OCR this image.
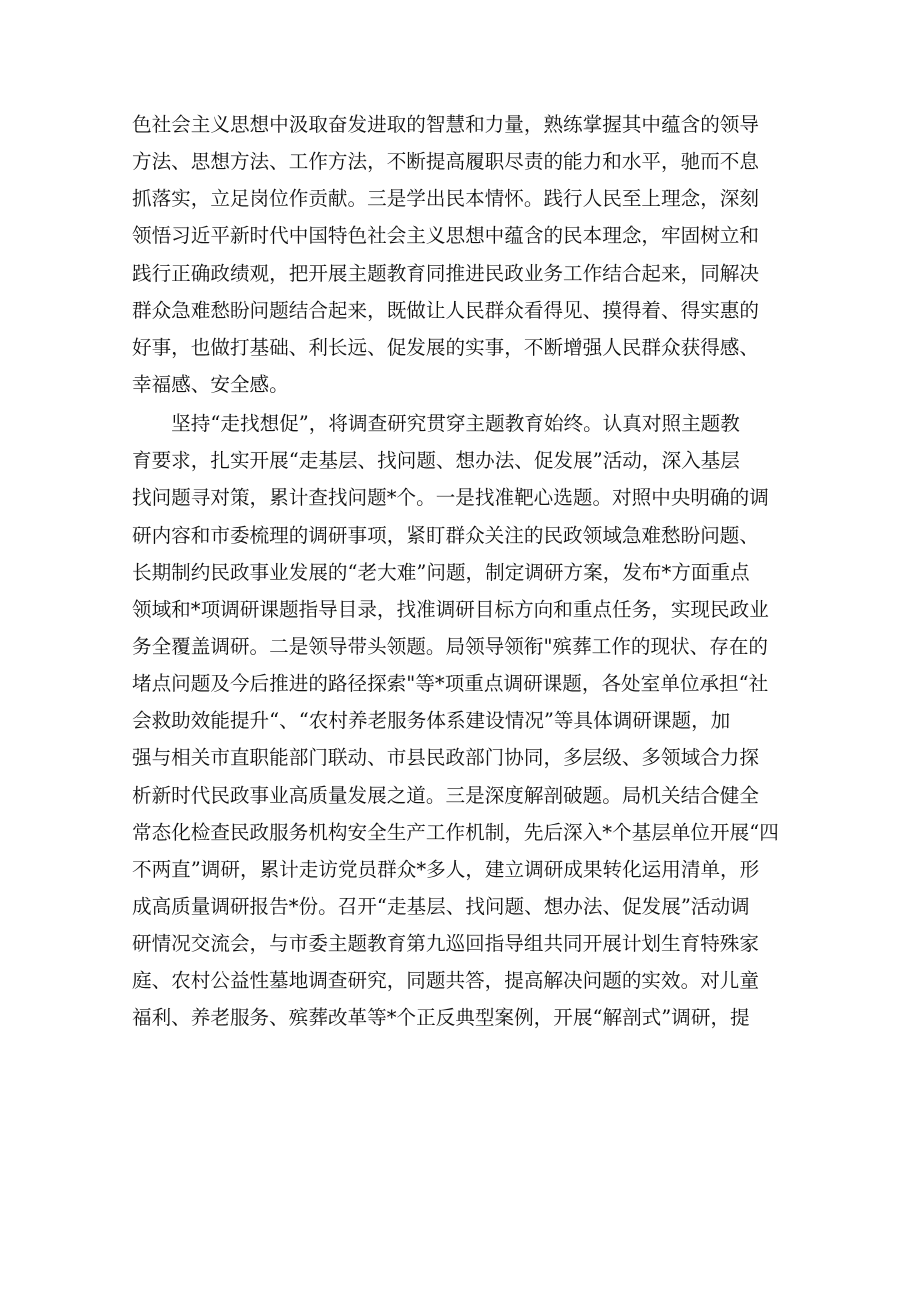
色社会主义思想中汲取奋发进取的智慧和力量，熟练掌握其中蕴含的领导
方法、思想方法、工作方法，不断提高履职尽责的能力和水平，驰而不息
抓落实，立足岗位作贡献。三是学出民本情怀。践行人民至上理念，深刻
领悟习近平新时代中国特色社会主义思想中蕴含的民本理念，牢固树立和
践行正确政绩观，把开展主题教育同推进民政业务工作结合起来，同解决
群众急难愁盼问题结合起来，既做让人民群众看得见、摸得着、得实惠的
好事，也做打基础、利长远、促发展的实事，不断增强人民群众获得感、
幸福感、安全感。
　　坚持“走找想促”，将调查研究贯穿主题教育始终。认真对照主题教
育要求，扎实开展“走基层、找问题、想办法、促发展”活动，深入基层
找问题寻对策，累计查找问题*个。一是找准靶心选题。对照中央明确的调
研内容和市委梳理的调研事项，紧盯群众关注的民政领域急难愁盼问题、
长期制约民政事业发展的“老大难”问题，制定调研方案，发布*方面重点
领域和*项调研课题指导目录，找准调研目标方向和重点任务，实现民政业
务全覆盖调研。二是领导带头领题。局领导领衔"殡葬工作的现状、存在的
堵点问题及今后推进的路径探索"等*项重点调研课题，各处室单位承担“社
会救助效能提升“、“农村养老服务体系建设情况”等具体调研课题，加
强与相关市直职能部门联动、市县民政部门协同，多层级、多领域合力探
析新时代民政事业高质量发展之道。三是深度解剖破题。局机关结合健全
常态化检查民政服务机构安全生产工作机制，先后深入*个基层单位开展“四
不两直”调研，累计走访党员群众*多人，建立调研成果转化运用清单，形
成高质量调研报告*份。召开“走基层、找问题、想办法、促发展”活动调
研情况交流会，与市委主题教育第九巡回指导组共同开展计划生育特殊家
庭、农村公益性墓地调查研究，同题共答，提高解决问题的实效。对儿童
福利、养老服务、殡葬改革等*个正反典型案例，开展“解剖式”调研，提
